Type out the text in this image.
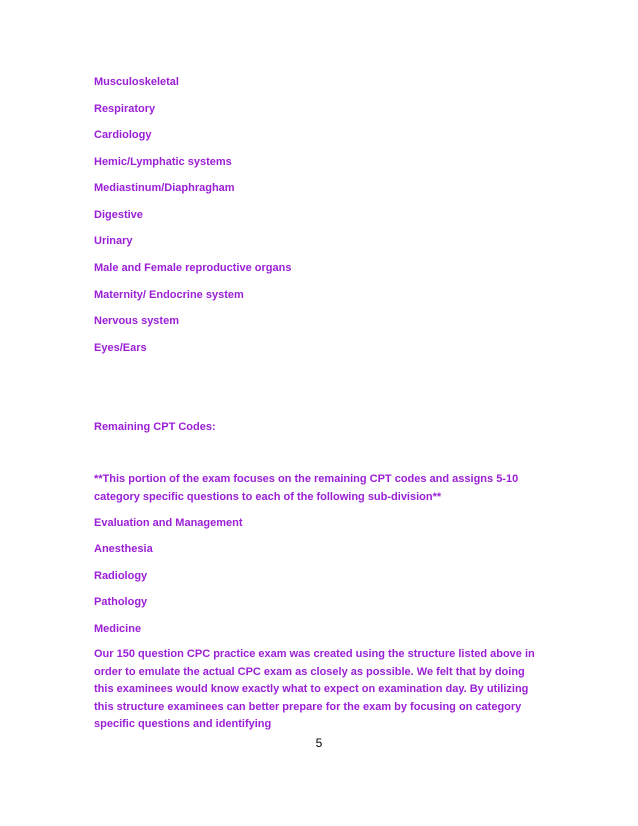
Musculoskeletal
Respiratory
Cardiology
Hemic/Lymphatic systems
Mediastinum/Diaphragham
Digestive
Urinary
Male and Female reproductive organs
Maternity/ Endocrine system
Nervous system
Eyes/Ears
Remaining CPT Codes:
**This portion of the exam focuses on the remaining CPT codes and assigns 5-10 category specific questions to each of the following sub-division**
Evaluation and Management
Anesthesia
Radiology
Pathology
Medicine
Our 150 question CPC practice exam was created using the structure listed above in order to emulate the actual CPC exam as closely as possible. We felt that by doing this examinees would know exactly what to expect on examination day. By utilizing this structure examinees can better prepare for the exam by focusing on category specific questions and identifying
5
